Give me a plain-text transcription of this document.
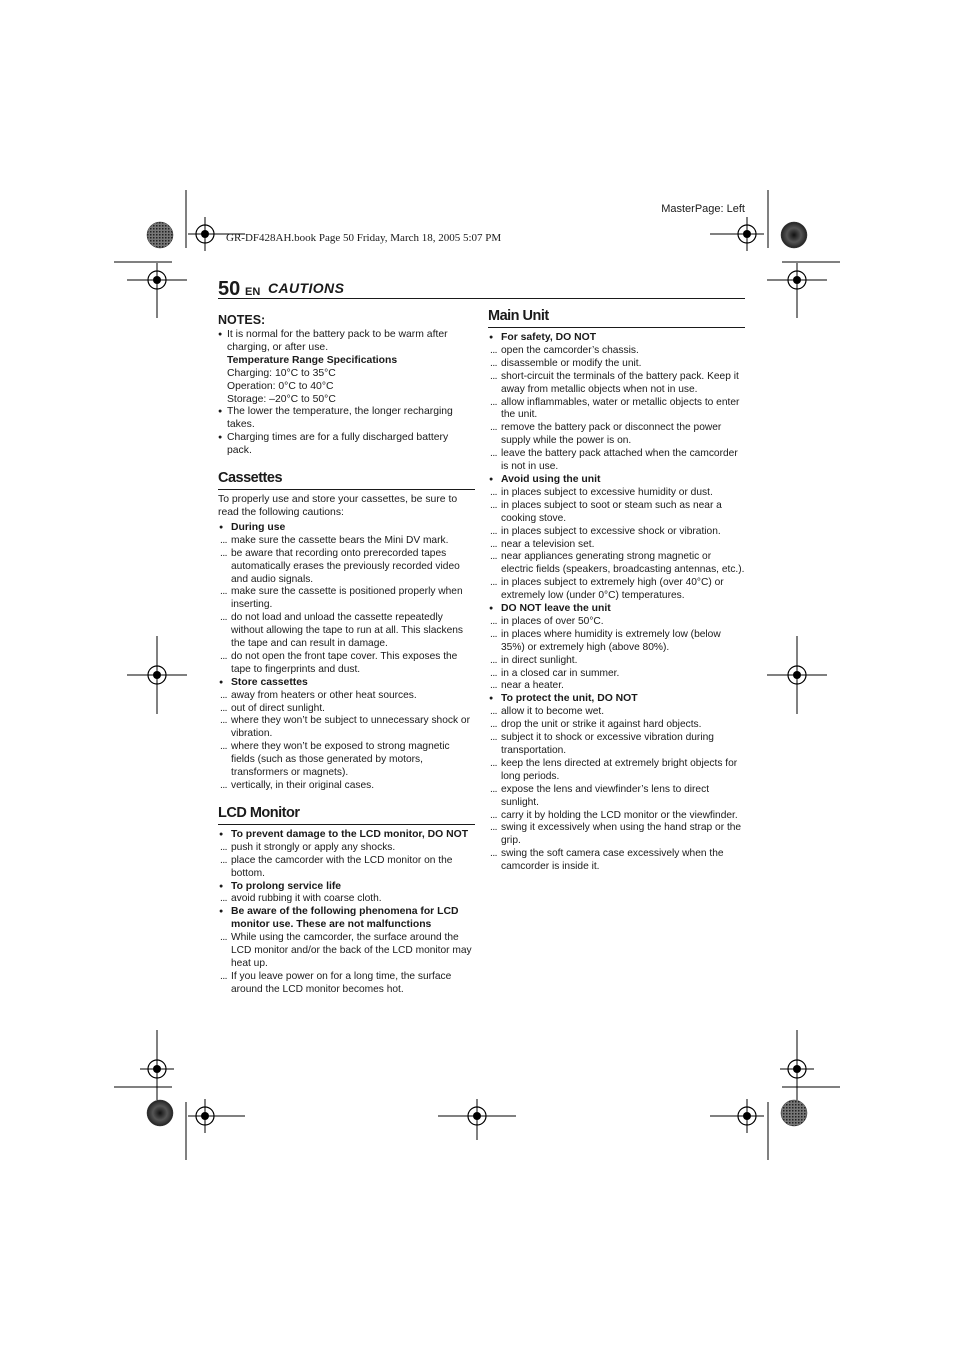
MasterPage: Left
GR-DF428AH.book Page 50 Friday, March 18, 2005 5:07 PM
50 EN CAUTIONS
NOTES:
● It is normal for the battery pack to be warm after charging, or after use.
Temperature Range Specifications
Charging: 10°C to 35°C
Operation: 0°C to 40°C
Storage: –20°C to 50°C
● The lower the temperature, the longer recharging takes.
● Charging times are for a fully discharged battery pack.
Cassettes
To properly use and store your cassettes, be sure to read the following cautions:
● During use
... make sure the cassette bears the Mini DV mark.
... be aware that recording onto prerecorded tapes automatically erases the previously recorded video and audio signals.
... make sure the cassette is positioned properly when inserting.
... do not load and unload the cassette repeatedly without allowing the tape to run at all. This slackens the tape and can result in damage.
... do not open the front tape cover. This exposes the tape to fingerprints and dust.
● Store cassettes
... away from heaters or other heat sources.
... out of direct sunlight.
... where they won’t be subject to unnecessary shock or vibration.
... where they won’t be exposed to strong magnetic fields (such as those generated by motors, transformers or magnets).
... vertically, in their original cases.
LCD Monitor
● To prevent damage to the LCD monitor, DO NOT
... push it strongly or apply any shocks.
... place the camcorder with the LCD monitor on the bottom.
● To prolong service life
... avoid rubbing it with coarse cloth.
● Be aware of the following phenomena for LCD monitor use. These are not malfunctions
... While using the camcorder, the surface around the LCD monitor and/or the back of the LCD monitor may heat up.
... If you leave power on for a long time, the surface around the LCD monitor becomes hot.
Main Unit
● For safety, DO NOT
... open the camcorder’s chassis.
... disassemble or modify the unit.
... short-circuit the terminals of the battery pack. Keep it away from metallic objects when not in use.
... allow inflammables, water or metallic objects to enter the unit.
... remove the battery pack or disconnect the power supply while the power is on.
... leave the battery pack attached when the camcorder is not in use.
● Avoid using the unit
... in places subject to excessive humidity or dust.
... in places subject to soot or steam such as near a cooking stove.
... in places subject to excessive shock or vibration.
... near a television set.
... near appliances generating strong magnetic or electric fields (speakers, broadcasting antennas, etc.).
... in places subject to extremely high (over 40°C) or extremely low (under 0°C) temperatures.
● DO NOT leave the unit
... in places of over 50°C.
... in places where humidity is extremely low (below 35%) or extremely high (above 80%).
... in direct sunlight.
... in a closed car in summer.
... near a heater.
● To protect the unit, DO NOT
... allow it to become wet.
... drop the unit or strike it against hard objects.
... subject it to shock or excessive vibration during transportation.
... keep the lens directed at extremely bright objects for long periods.
... expose the lens and viewfinder’s lens to direct sunlight.
... carry it by holding the LCD monitor or the viewfinder.
... swing it excessively when using the hand strap or the grip.
... swing the soft camera case excessively when the camcorder is inside it.
